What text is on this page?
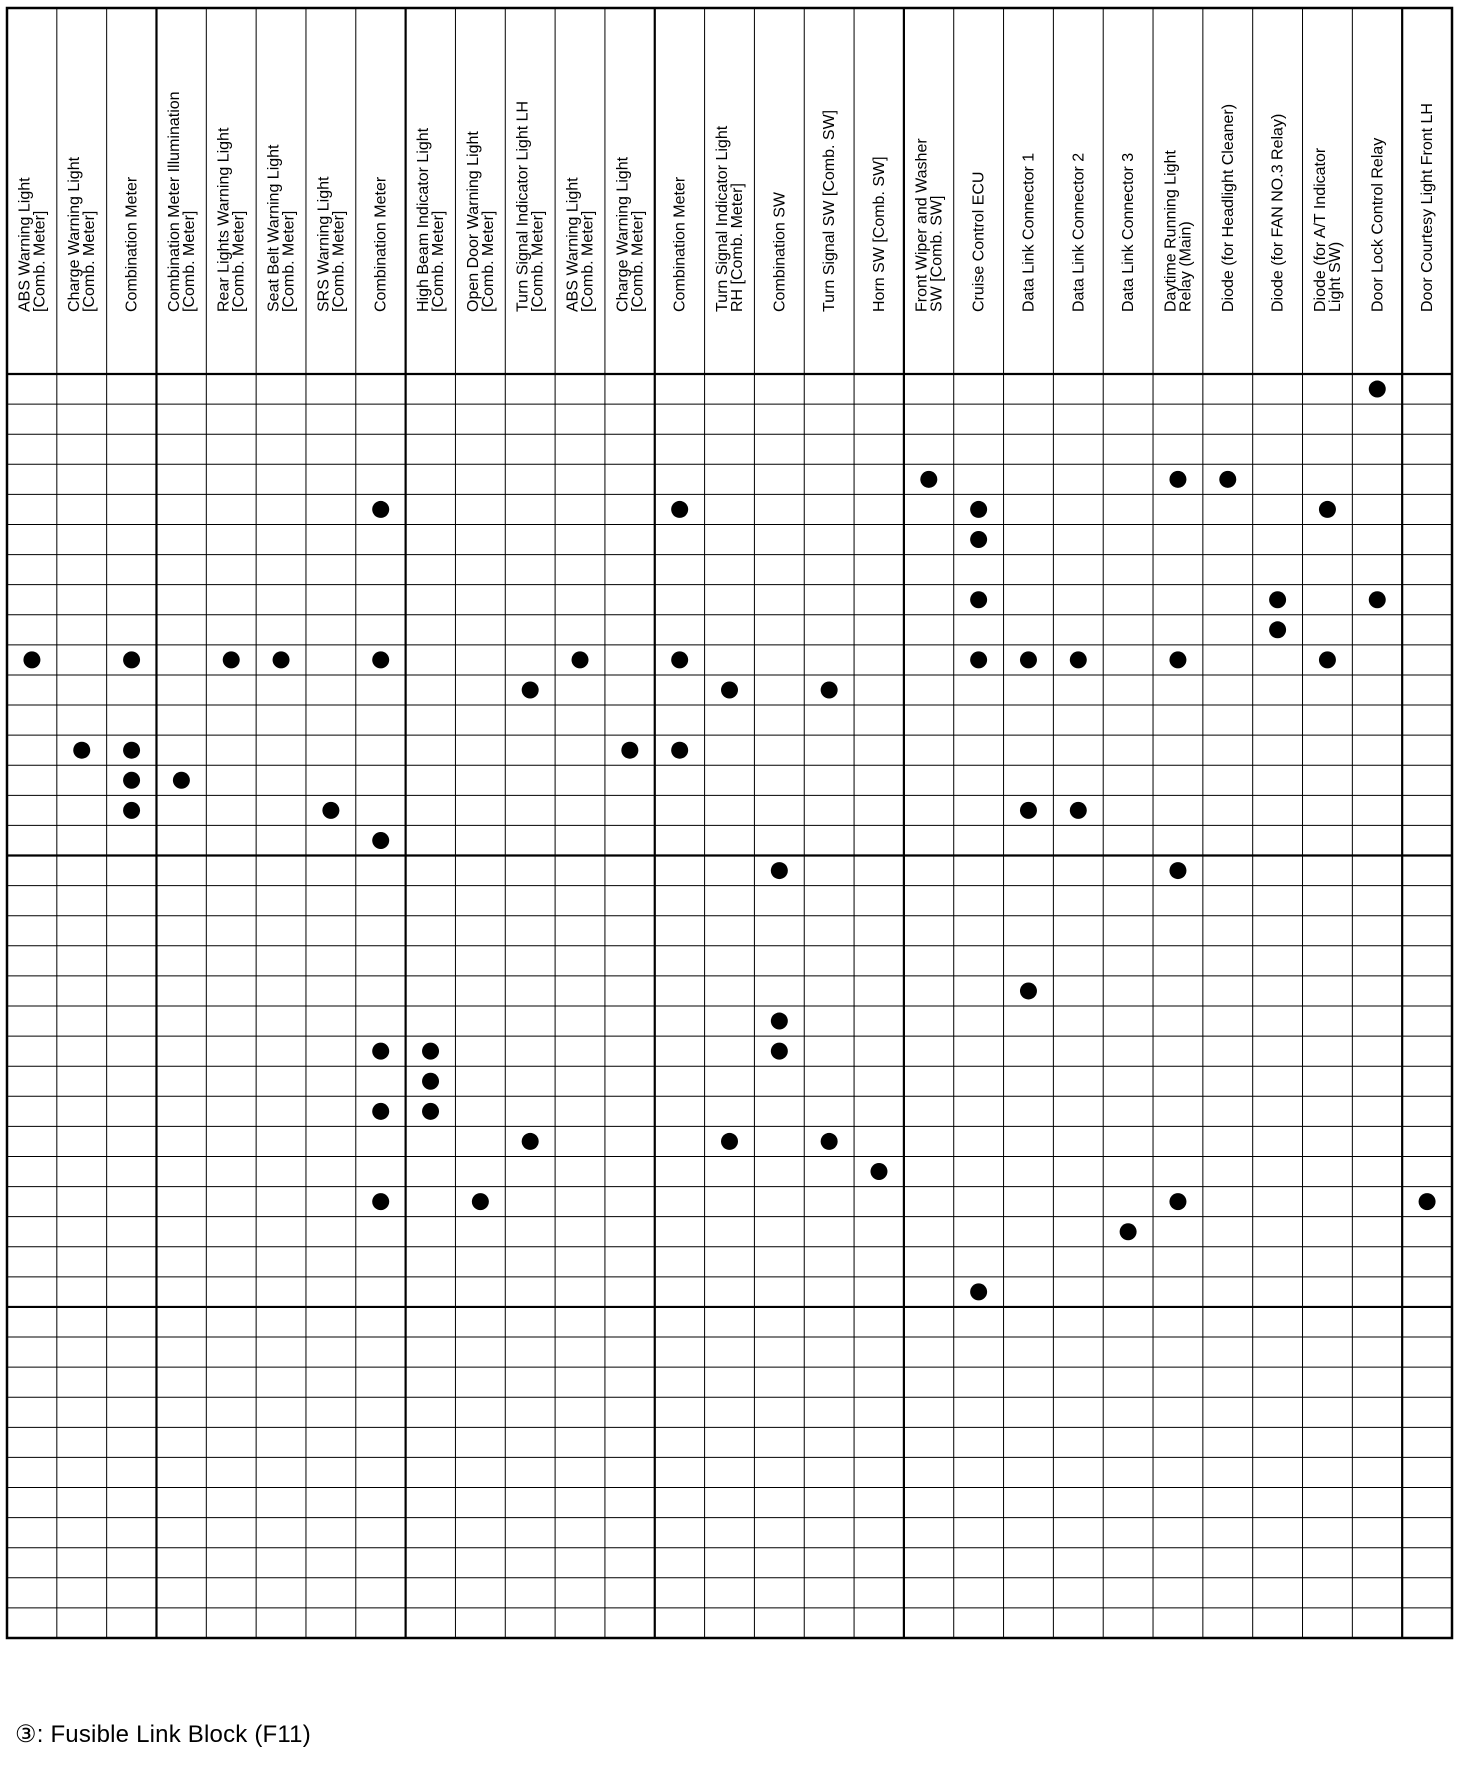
ABS Warning Light
[Comb. Meter] Charge Warning Light
[Comb. Meter] Combination Meter Combination Meter Illumination
[Comb. Meter] Rear Lights Warning Light
[Comb. Meter] Seat Belt Warning Light
[Comb. Meter] SRS Warning Light
[Comb. Meter] Combination Meter High Beam Indicator Light
[Comb. Meter] Open Door Warning Light
[Comb. Meter] Turn Signal Indicator Light LH
[Comb. Meter] ABS Warning Light
[Comb. Meter] Charge Warning Light
[Comb. Meter] Combination Meter Turn Signal Indicator Light
RH [Comb. Meter] Combination SW Turn Signal SW [Comb. SW] Horn SW [Comb. SW] Front Wiper and Washer
SW [Comb. SW] Cruise Control ECU Data Link Connector 1 Data Link Connector 2 Data Link Connector 3 Daytime Running Light
Relay (Main) Diode (for Headlight Cleaner) Diode (for FAN NO.3 Relay) Diode (for A/T Indicator
Light SW) Door Lock Control Relay Door Courtesy Light Front LH
③: Fusible Link Block (F11)
